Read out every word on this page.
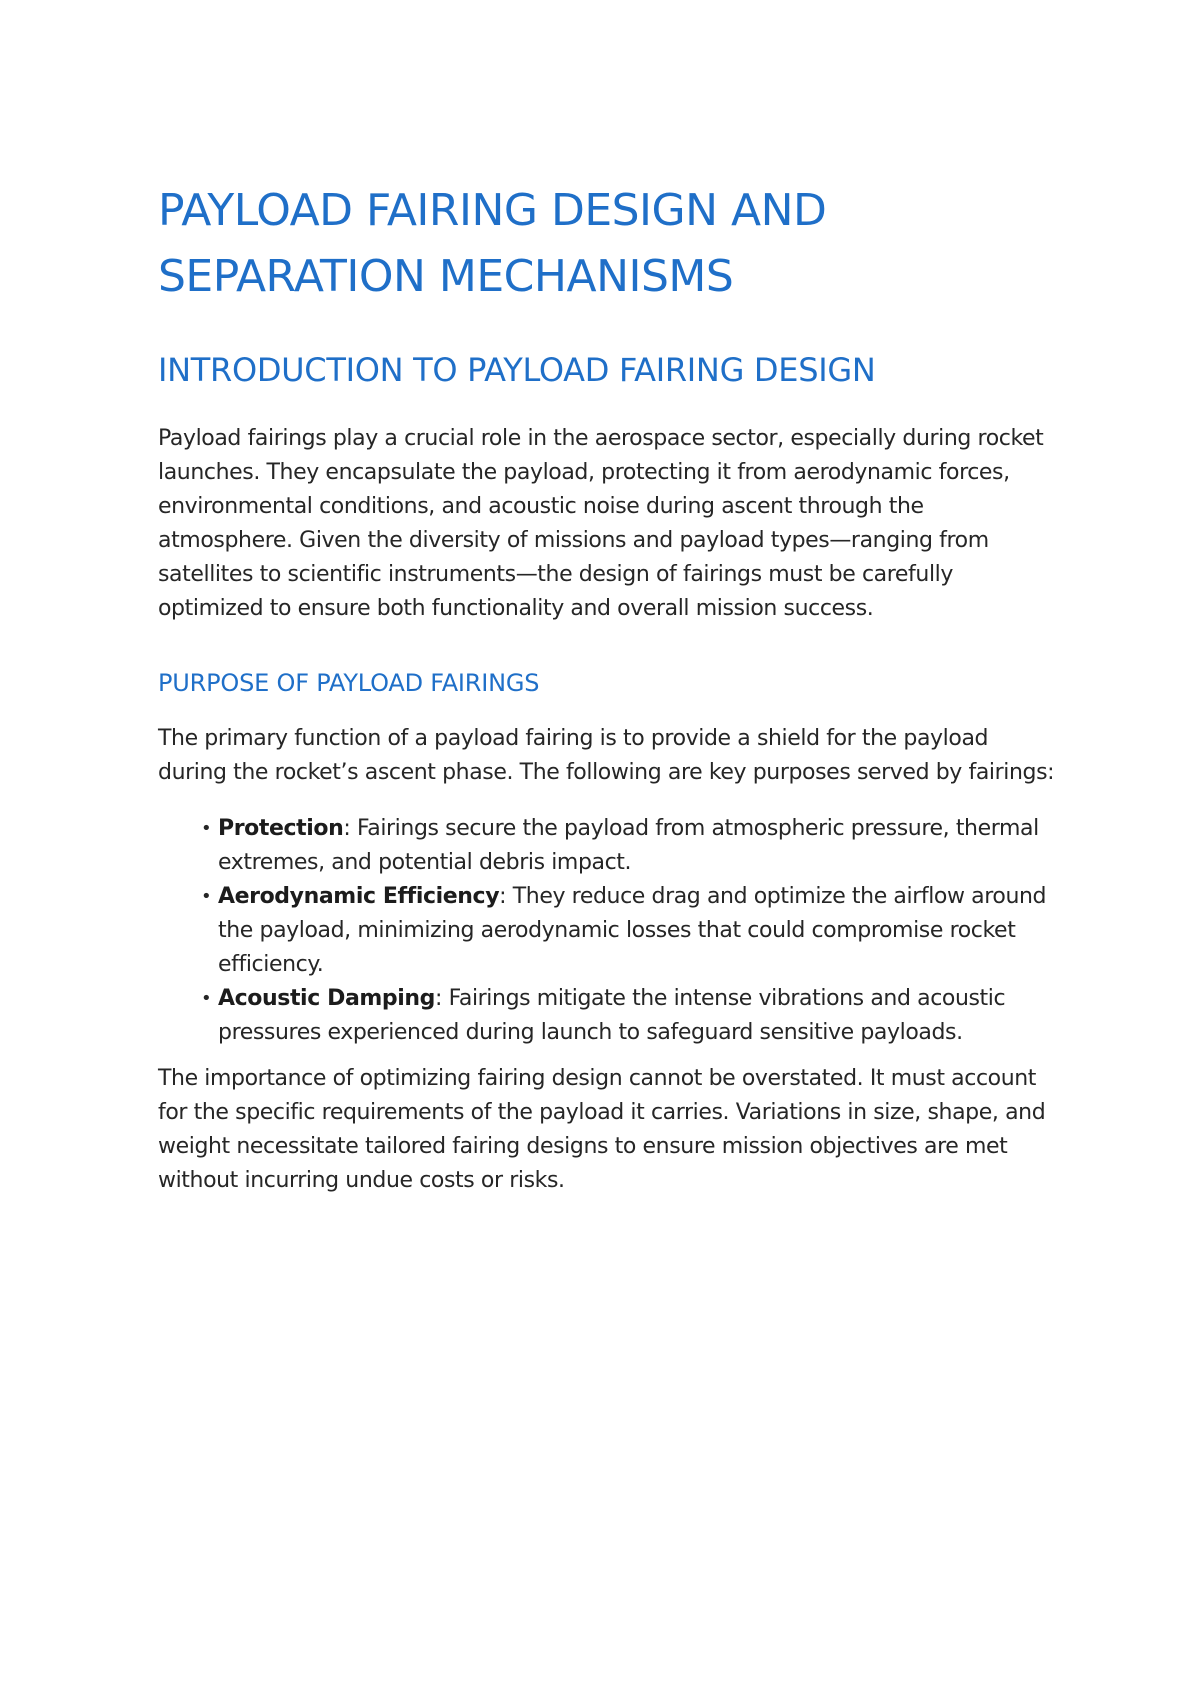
PAYLOAD FAIRING DESIGN AND SEPARATION MECHANISMS
INTRODUCTION TO PAYLOAD FAIRING DESIGN

Payload fairings play a crucial role in the aerospace sector, especially during rocket launches. They encapsulate the payload, protecting it from aerodynamic forces, environmental conditions, and acoustic noise during ascent through the atmosphere. Given the diversity of missions and payload types—ranging from satellites to scientific instruments—the design of fairings must be carefully optimized to ensure both functionality and overall mission success.

PURPOSE OF PAYLOAD FAIRINGS

The primary function of a payload fairing is to provide a shield for the payload during the rocket’s ascent phase. The following are key purposes served by fairings:

• Protection: Fairings secure the payload from atmospheric pressure, thermal extremes, and potential debris impact.
• Aerodynamic Efficiency: They reduce drag and optimize the airflow around the payload, minimizing aerodynamic losses that could compromise rocket efficiency.
• Acoustic Damping: Fairings mitigate the intense vibrations and acoustic pressures experienced during launch to safeguard sensitive payloads.

The importance of optimizing fairing design cannot be overstated. It must account for the specific requirements of the payload it carries. Variations in size, shape, and weight necessitate tailored fairing designs to ensure mission objectives are met without incurring undue costs or risks.
